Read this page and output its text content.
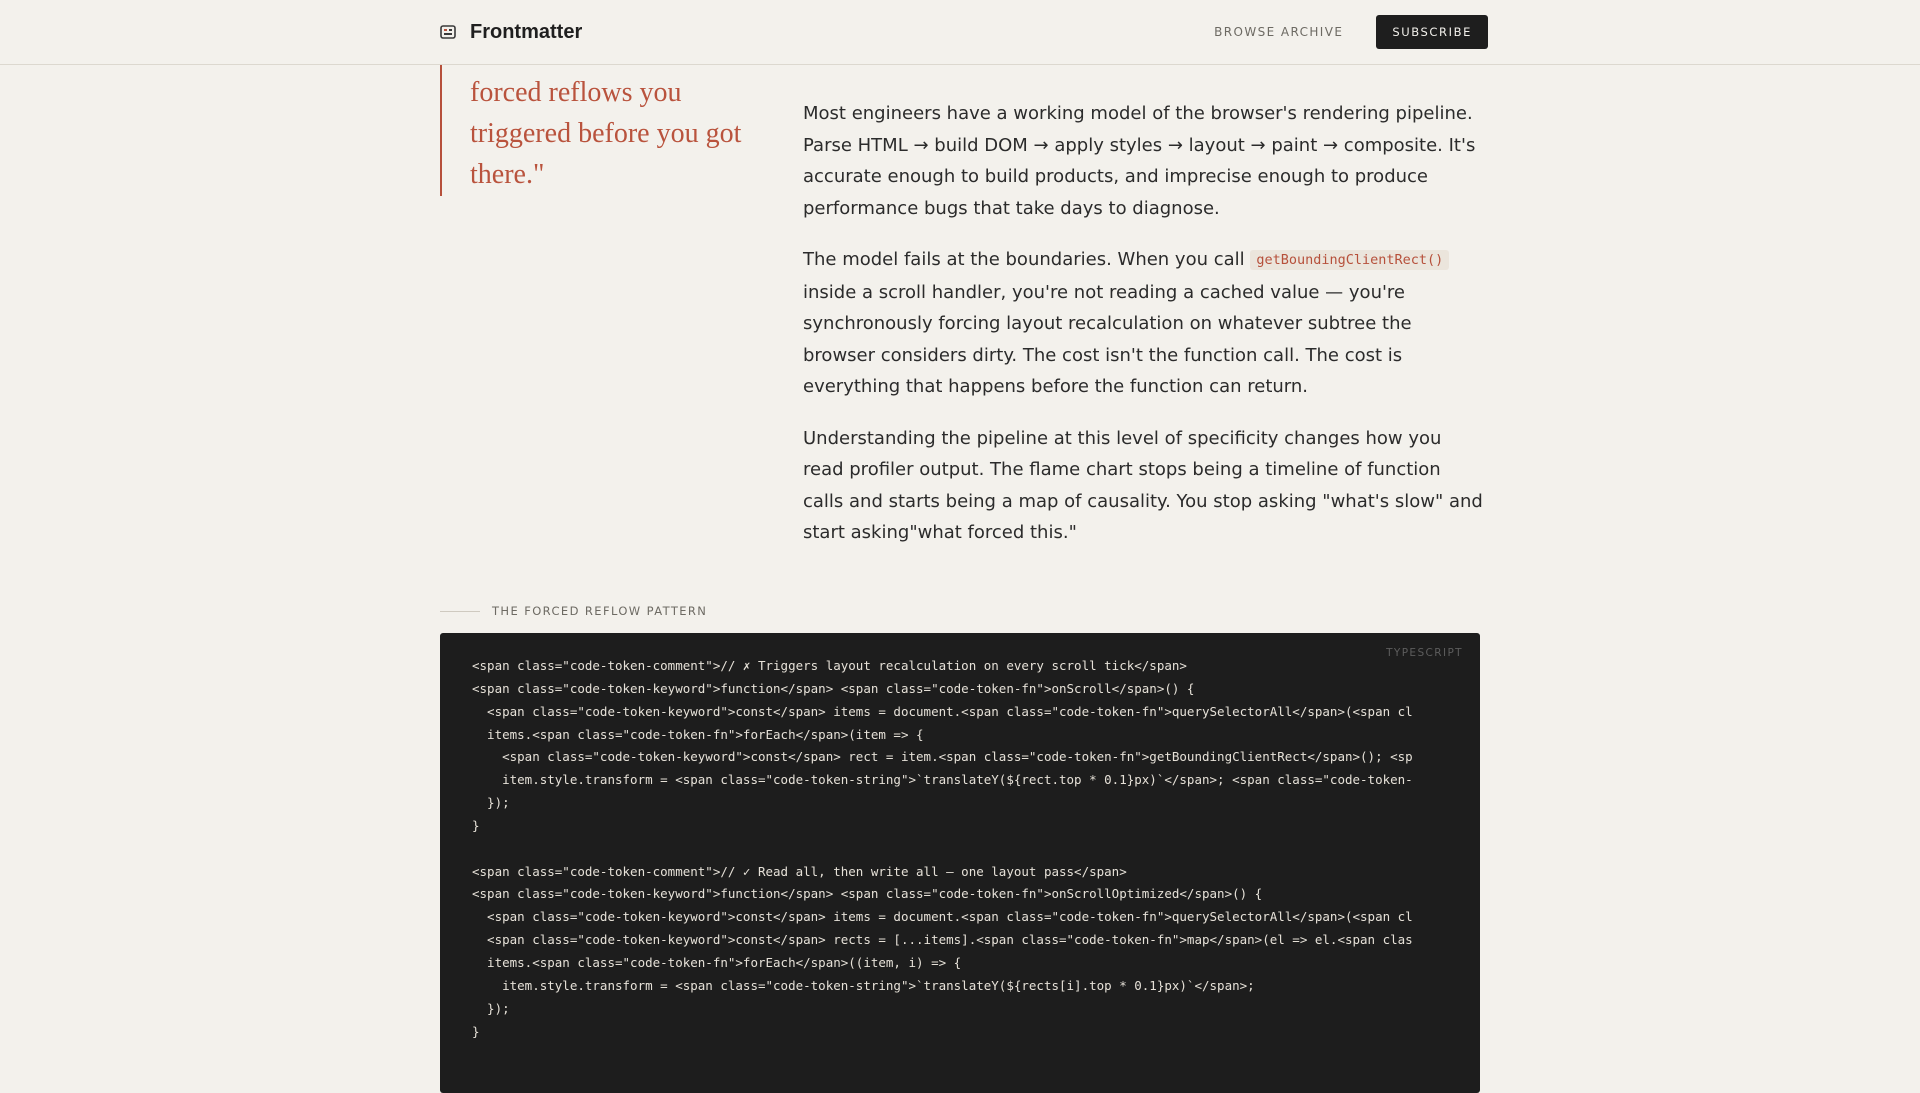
Frontmatter	BROWSE ARCHIVE	SUBSCRIBE

forced reflows you triggered before you got there."

Most engineers have a working model of the browser's rendering pipeline. Parse HTML → build DOM → apply styles → layout → paint → composite. It's accurate enough to build products, and imprecise enough to produce performance bugs that take days to diagnose.

The model fails at the boundaries. When you call getBoundingClientRect()
inside a scroll handler, you're not reading a cached value — you're synchronously forcing layout recalculation on whatever subtree the browser considers dirty. The cost isn't the function call. The cost is everything that happens before the function can return.

Understanding the pipeline at this level of specificity changes how you read profiler output. The flame chart stops being a timeline of function calls and starts being a map of causality. You stop asking "what's slow" and start asking"what forced this."

THE FORCED REFLOW PATTERN
TYPESCRIPT
<span class="code-token-comment">// ✗ Triggers layout recalculation on every scroll tick</span>
<span class="code-token-keyword">function</span> <span class="code-token-fn">onScroll</span>() {
<span class="code-token-keyword">const</span> items = document.<span class="code-token-fn">querySelectorAll</span>(<span cl
items.<span class="code-token-fn">forEach</span>(item => {
<span class="code-token-keyword">const</span> rect = item.<span class="code-token-fn">getBoundingClientRect</span>(); <sp
item.style.transform = <span class="code-token-string">`translateY(${rect.top * 0.1}px)`</span>; <span class="code-token-
});
}

<span class="code-token-comment">// ✓ Read all, then write all — one layout pass</span>
<span class="code-token-keyword">function</span> <span class="code-token-fn">onScrollOptimized</span>() {
<span class="code-token-keyword">const</span> items = document.<span class="code-token-fn">querySelectorAll</span>(<span cl
<span class="code-token-keyword">const</span> rects = [...items].<span class="code-token-fn">map</span>(el => el.<span clas
items.<span class="code-token-fn">forEach</span>((item, i) => {
item.style.transform = <span class="code-token-string">`translateY(${rects[i].top * 0.1}px)`</span>;
});
}
